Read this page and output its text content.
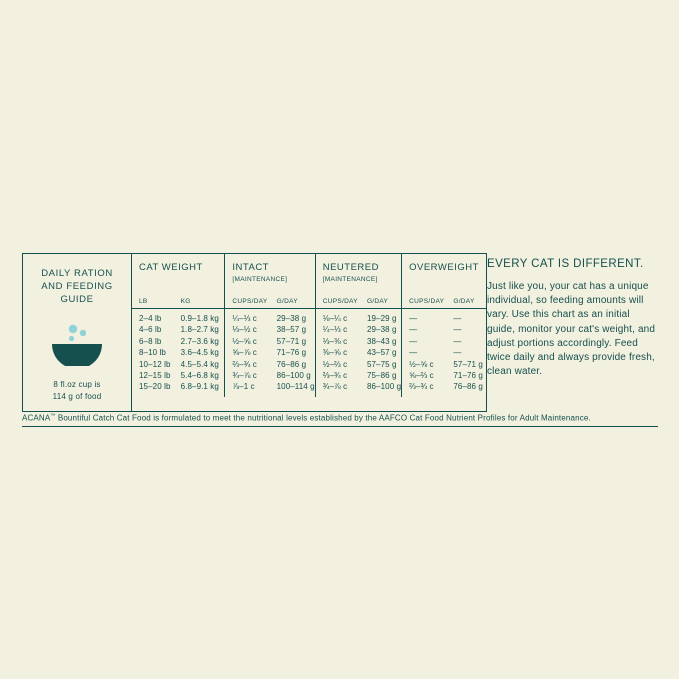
DAILY RATION AND FEEDING GUIDE
8 fl.oz cup is
114 g of food
CAT WEIGHT		INTACT
[MAINTENANCE]		NEUTERED
[MAINTENANCE]		OVERWEIGHT	
LB	KG	CUPS/DAY	G/DAY	CUPS/DAY	G/DAY	CUPS/DAY	G/DAY
2–4 lb	0.9–1.8 kg	¼–⅓ c	29–38 g	⅛–¼ c	19–29 g	—	—
4–6 lb	1.8–2.7 kg	⅓–½ c	38–57 g	¼–⅓ c	29–38 g	—	—
6–8 lb	2.7–3.6 kg	½–⅝ c	57–71 g	⅓–⅜ c	38–43 g	—	—
8–10 lb	3.6–4.5 kg	⅝–⅞ c	71–76 g	⅜–⅝ c	43–57 g	—	—
10–12 lb	4.5–5.4 kg	⅔–¾ c	76–86 g	½–⅔ c	57–75 g	½–⅝ c	57–71 g
12–15 lb	5.4–6.8 kg	¾–⅞ c	86–100 g	⅔–¾ c	75–86 g	⅝–⅔ c	71–76 g
15–20 lb	6.8–9.1 kg	⅞–1 c	100–114 g	¾–⅞ c	86–100 g	⅔–¾ c	76–86 g
EVERY CAT IS DIFFERENT.
Just like you, your cat has a unique individual, so feeding amounts will vary. Use this chart as an initial guide, monitor your cat's weight, and adjust portions accordingly. Feed twice daily and always provide fresh, clean water.
ACANA™ Bountiful Catch Cat Food is formulated to meet the nutritional levels established by the AAFCO Cat Food Nutrient Profiles for Adult Maintenance.
